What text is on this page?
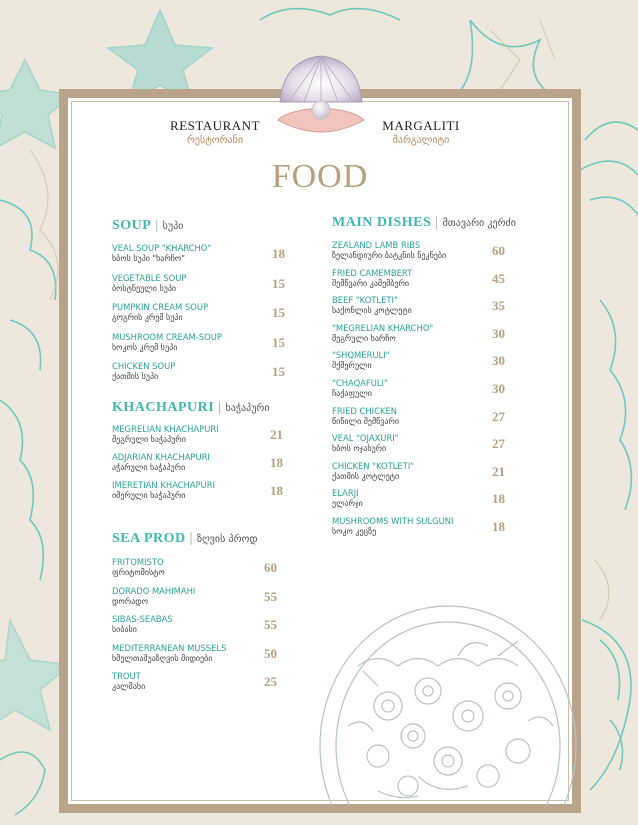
RESTAURANT
რესტორანი
MARGALITI
მარგალიტი
FOOD
SOUP | სუპი
VEAL SOUP "KHARCHO"
ხბოს სუპი "ხარჩო"	18
VEGETABLE SOUP
ბოსტნეული სუპი	15
PUMPKIN CREAM SOUP
გოგრის კრემ სუპი	15
MUSHROOM CREAM-SOUP
სოკოს კრემ სუპი	15
CHICKEN SOUP
ქათმის სუპი	15
KHACHAPURI | ხაჭაპური
MEGRELIAN KHACHAPURI
მეგრული ხაჭაპური	21
ADJARIAN KHACHAPURI
აჭარული ხაჭაპური	18
IMERETIAN KHACHAPURI
იმერული ხაჭაპური	18
SEA PROD | ზღვის პროდ
FRITOMISTO
ფრიტომისტო	60
DORADO MAHIMAHI
დორადო	55
SIBAS-SEABAS
სიბასი	55
MEDITERRANEAN MUSSELS
ხმელთაშუაზღვის მიდიები	50
TROUT
კალმახი	25
MAIN DISHES | მთავარი კერძი
ZEALAND LAMB RIBS
ზელანდიური ბატკნის ნეკნები	60
FRIED CAMEMBERT
შემწვარი კამემბერი	45
BEEF "KOTLETI"
საქონლის კოტლეტი	35
"MEGRELIAN KHARCHO"
მეგრული ხარჩო	30
"SHQMERULI"
შქმერული	30
"CHAQAFULI"
ჩაქაფული	30
FRIED CHICKEN
წიწილი შემწვარი	27
VEAL "OJAXURI"
ხბოს ოჯახური	27
CHICKEN "KOTLETI"
ქათმის კოტლეტი	21
ELARJI
ელარჯი	18
MUSHROOMS WITH SULGUNI
სოკო კეცზე	18
